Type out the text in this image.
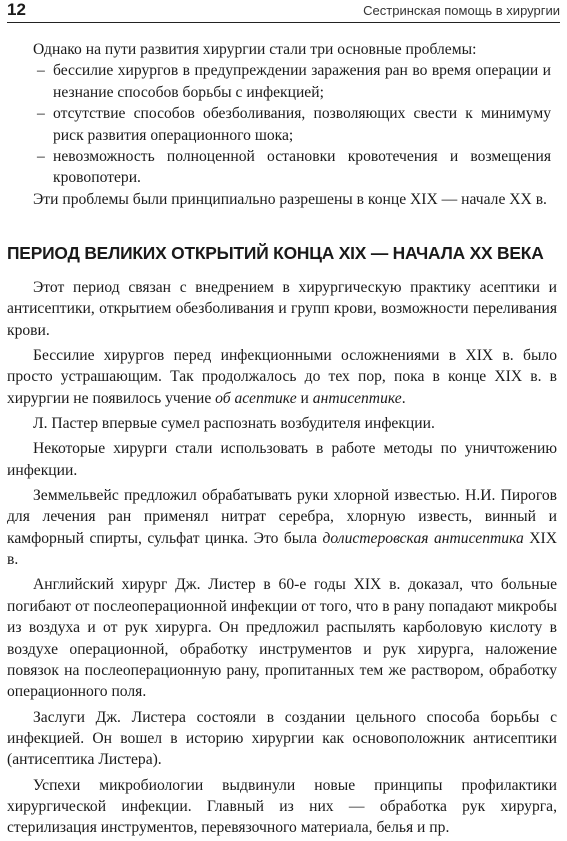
12	Сестринская помощь в хирургии

Однако на пути развития хирургии стали три основные проблемы:

– бессилие хирургов в предупреждении заражения ран во время операции и незнание способов борьбы с инфекцией;
– отсутствие способов обезболивания, позволяющих свести к минимуму риск развития операционного шока;
– невозможность полноценной остановки кровотечения и возмещения кровопотери.

Эти проблемы были принципиально разрешены в конце XIX — начале XX в.

ПЕРИОД ВЕЛИКИХ ОТКРЫТИЙ КОНЦА XIX — НАЧАЛА XX ВЕКА

Этот период связан с внедрением в хирургическую практику асептики и антисептики, открытием обезболивания и групп крови, возможности переливания крови.

Бессилие хирургов перед инфекционными осложнениями в XIX в. было просто устрашающим. Так продолжалось до тех пор, пока в конце XIX в. в хирургии не появилось учение об асептике и антисептике.

Л. Пастер впервые сумел распознать возбудителя инфекции.

Некоторые хирурги стали использовать в работе методы по уничтожению инфекции.

Земмельвейс предложил обрабатывать руки хлорной известью. Н.И. Пирогов для лечения ран применял нитрат серебра, хлорную известь, винный и камфорный спирты, сульфат цинка. Это была долистеровская антисептика XIX в.

Английский хирург Дж. Листер в 60-е годы XIX в. доказал, что больные погибают от послеоперационной инфекции от того, что в рану попадают микробы из воздуха и от рук хирурга. Он предложил распылять карболовую кислоту в воздухе операционной, обработку инструментов и рук хирурга, наложение повязок на послеоперационную рану, пропитанных тем же раствором, обработку операционного поля.

Заслуги Дж. Листера состояли в создании цельного способа борьбы с инфекцией. Он вошел в историю хирургии как основоположник антисептики (антисептика Листера).

Успехи микробиологии выдвинули новые принципы профилактики хирургической инфекции. Главный из них — обработка рук хирурга, стерилизация инструментов, перевязочного материала, белья и пр.
